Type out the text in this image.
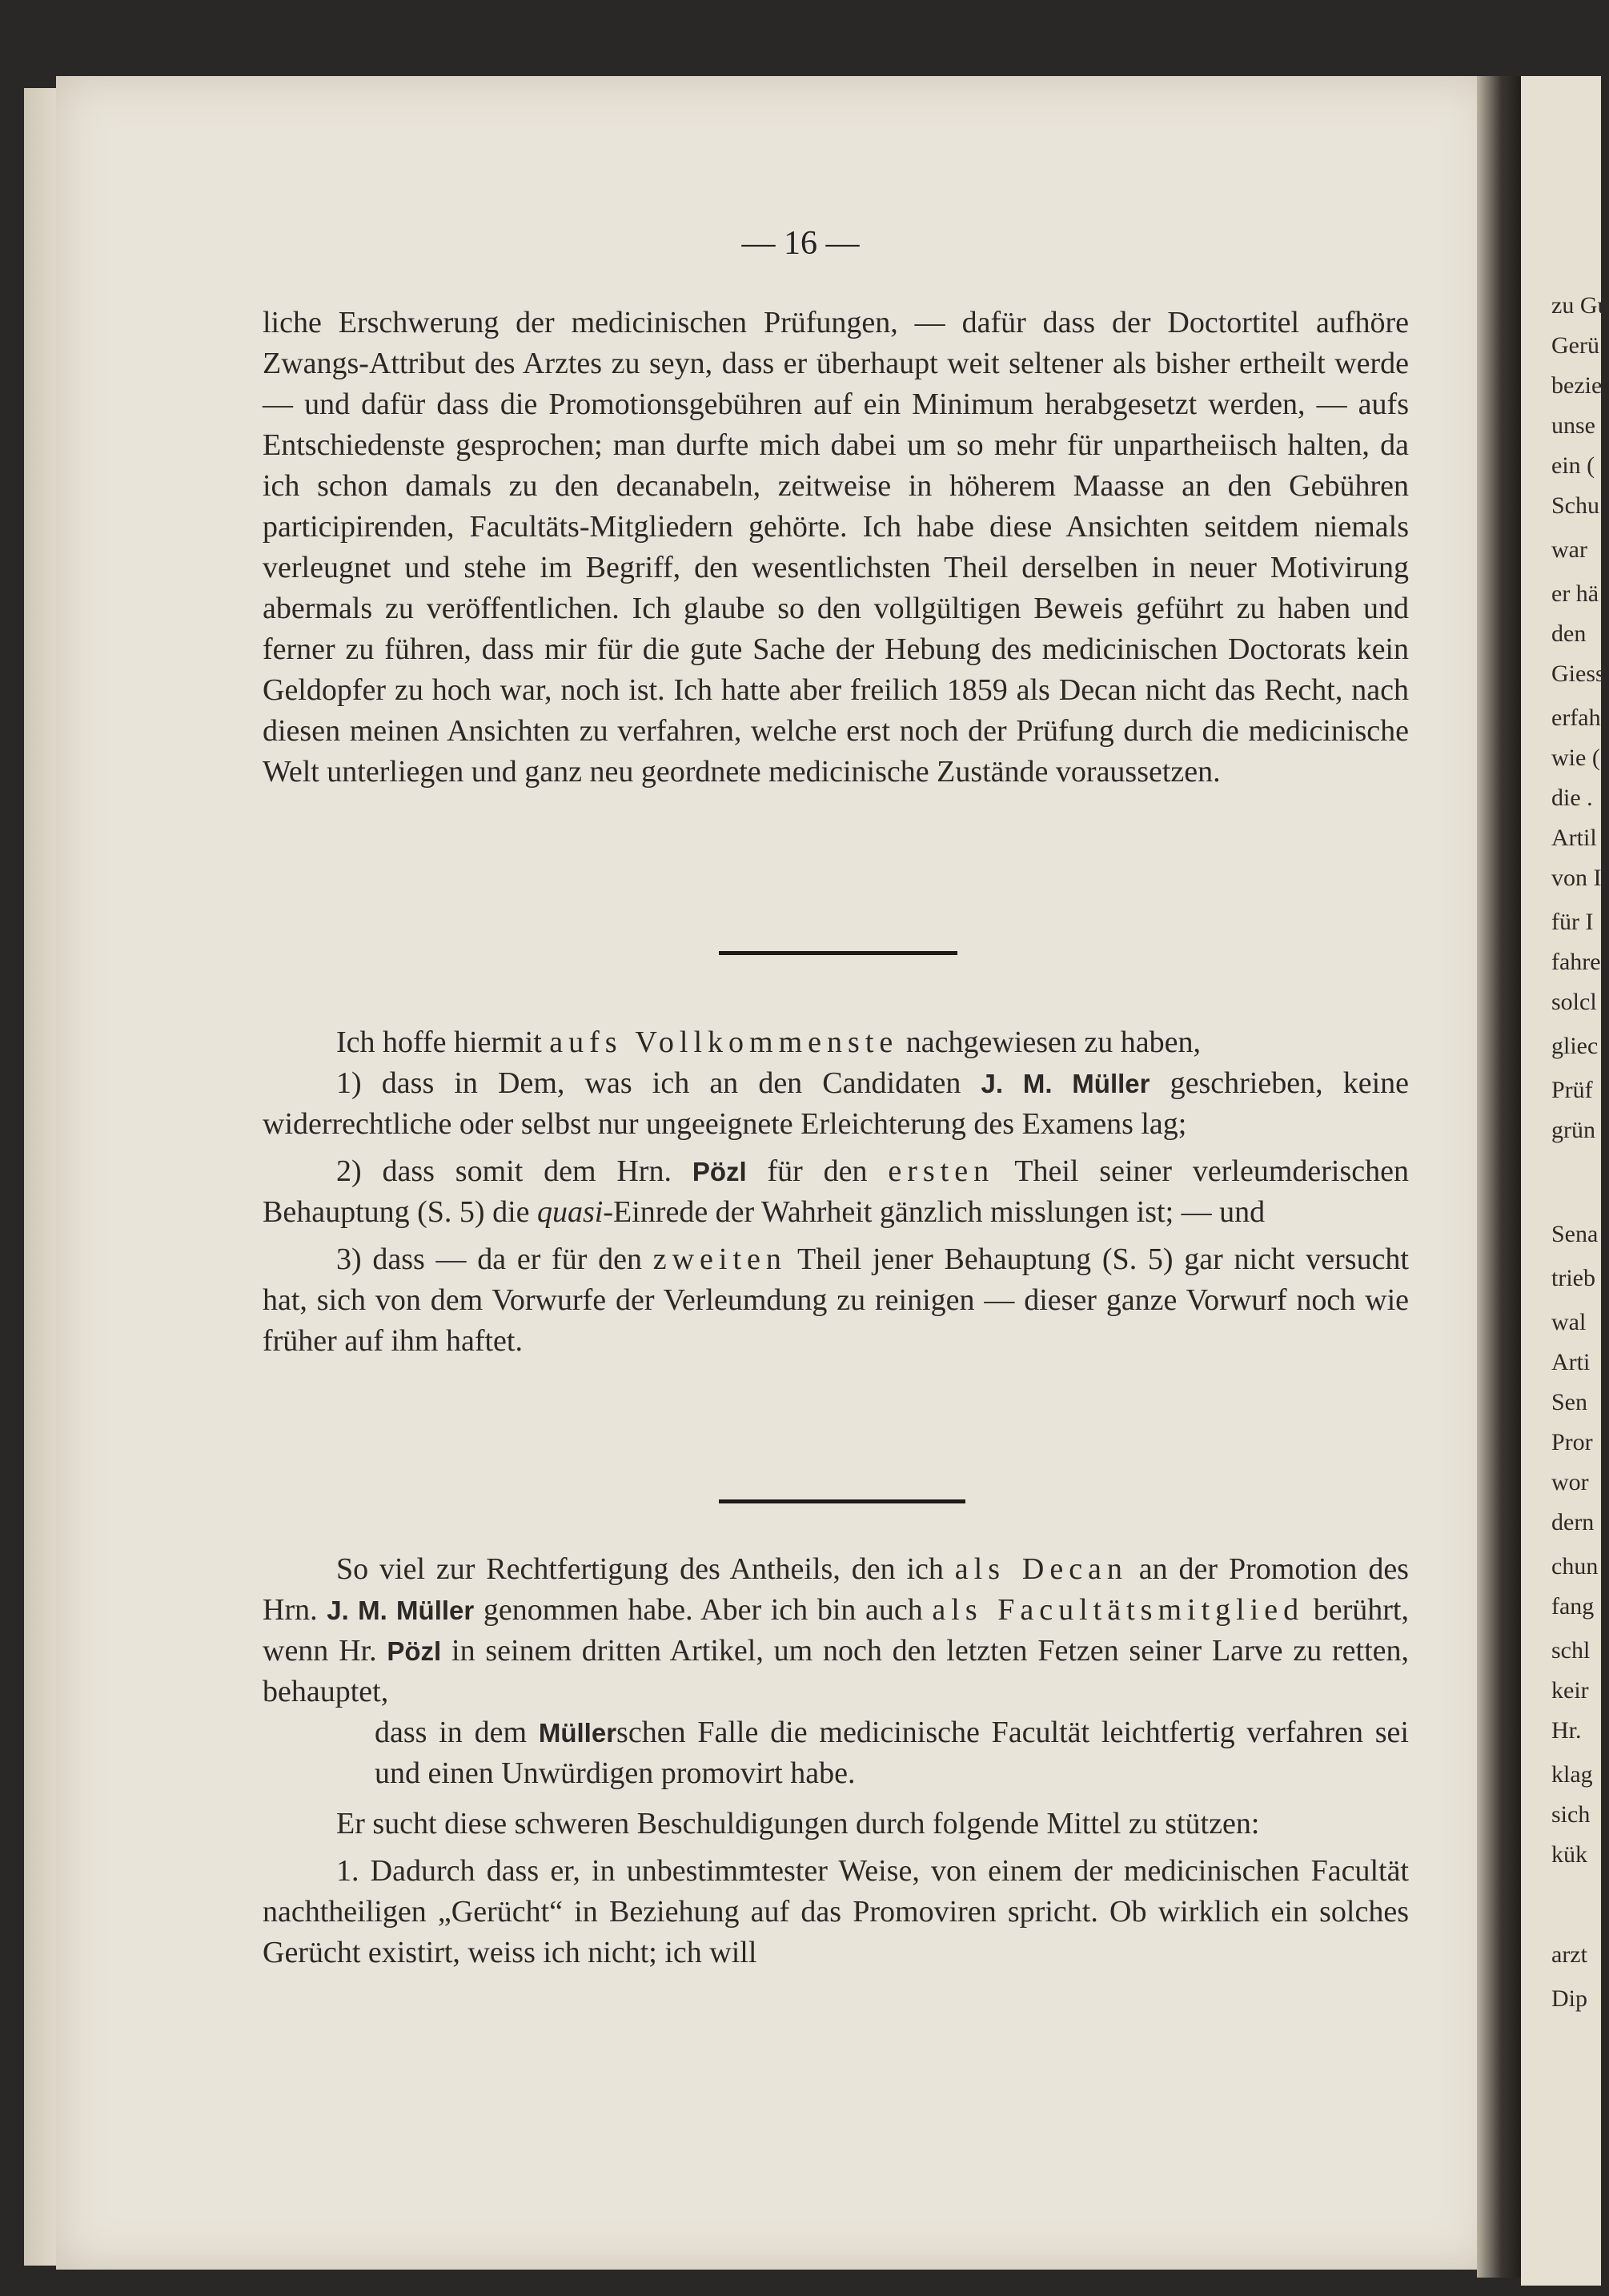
zu Gu
Gerü
bezie
unse
ein (
Schu
war
er hä
den
Giess
erfah
wie (
die .
Artil
von I
für I
fahre
solcl
gliec
Prüf
grün
Sena
trieb
wal
Arti
Sen
Pror
wor
dern
chun
fang
schl
keir
Hr.
klag
sich
kük
arzt
Dip
— 16 —

liche Erschwerung der medicinischen Prüfungen, — dafür dass der Doctortitel aufhöre Zwangs-Attribut des Arztes zu seyn, dass er überhaupt weit seltener als bisher ertheilt werde — und dafür dass die Promotionsgebühren auf ein Minimum herabgesetzt werden, — aufs Entschiedenste gesprochen; man durfte mich dabei um so mehr für unpartheiisch halten, da ich schon damals zu den decanabeln, zeitweise in höherem Maasse an den Gebühren participirenden, Facultäts-Mitgliedern gehörte. Ich habe diese Ansichten seitdem niemals verleugnet und stehe im Begriff, den wesentlichsten Theil derselben in neuer Motivirung abermals zu veröffentlichen. Ich glaube so den vollgültigen Beweis geführt zu haben und ferner zu führen, dass mir für die gute Sache der Hebung des medicinischen Doctorats kein Geldopfer zu hoch war, noch ist. Ich hatte aber freilich 1859 als Decan nicht das Recht, nach diesen meinen Ansichten zu verfahren, welche erst noch der Prüfung durch die medicinische Welt unterliegen und ganz neu geordnete medicinische Zustände voraussetzen.

Ich hoffe hiermit aufs Vollkommenste nachgewiesen zu haben,

1) dass in Dem, was ich an den Candidaten J. M. Müller geschrieben, keine widerrechtliche oder selbst nur ungeeignete Erleichterung des Examens lag;

2) dass somit dem Hrn. Pözl für den ersten Theil seiner verleumderischen Behauptung (S. 5) die quasi-Einrede der Wahrheit gänzlich misslungen ist; — und

3) dass — da er für den zweiten Theil jener Behauptung (S. 5) gar nicht versucht hat, sich von dem Vorwurfe der Verleumdung zu reinigen — dieser ganze Vorwurf noch wie früher auf ihm haftet.

So viel zur Rechtfertigung des Antheils, den ich als Decan an der Promotion des Hrn. J. M. Müller genommen habe. Aber ich bin auch als Facultätsmitglied berührt, wenn Hr. Pözl in seinem dritten Artikel, um noch den letzten Fetzen seiner Larve zu retten, behauptet,

dass in dem Müllerschen Falle die medicinische Facultät leichtfertig verfahren sei und einen Unwürdigen promovirt habe.

Er sucht diese schweren Beschuldigungen durch folgende Mittel zu stützen:

1. Dadurch dass er, in unbestimmtester Weise, von einem der medicinischen Facultät nachtheiligen „Gerücht“ in Beziehung auf das Promoviren spricht. Ob wirklich ein solches Gerücht existirt, weiss ich nicht; ich will
